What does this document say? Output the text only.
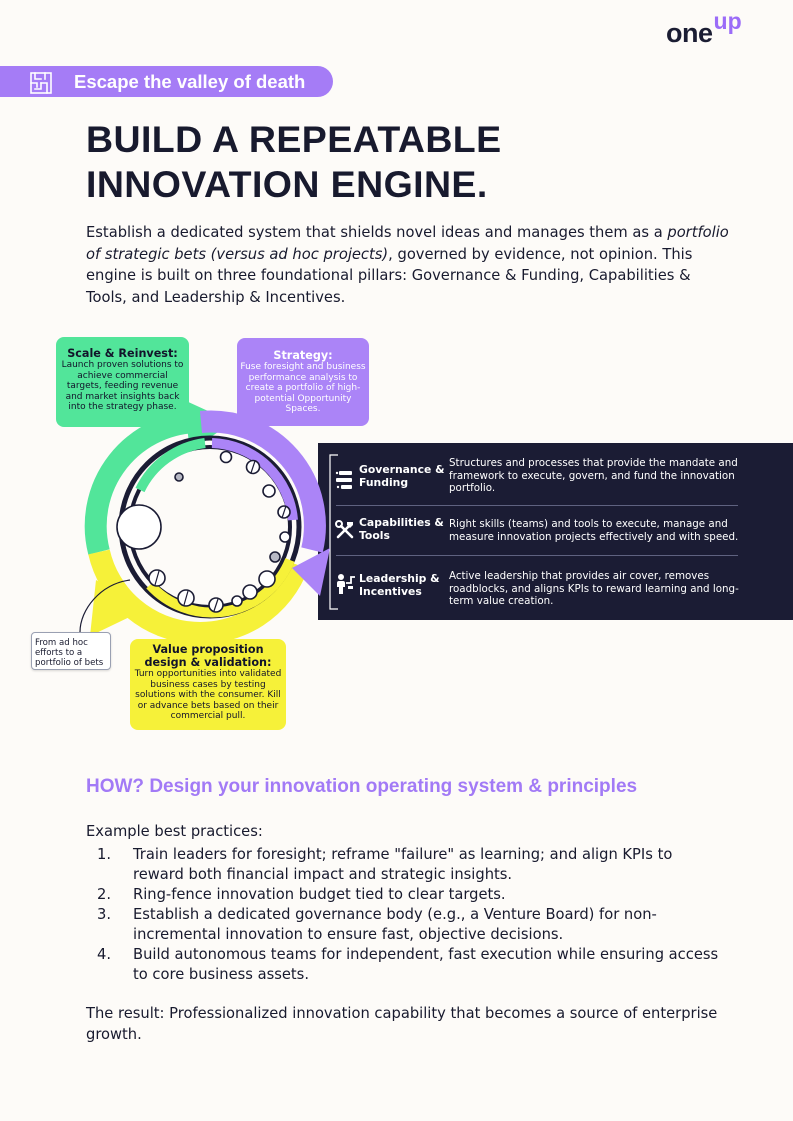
oneup
Escape the valley of death
BUILD A REPEATABLE
INNOVATION ENGINE.

Establish a dedicated system that shields novel ideas and manages them as a portfolio of strategic bets (versus ad hoc projects), governed by evidence, not opinion. This engine is built on three foundational pillars: Governance & Funding, Capabilities & Tools, and Leadership & Incentives.

Governance &
Funding
Structures and processes that provide the mandate and framework to execute, govern, and fund the innovation portfolio.
Capabilities &
Tools
Right skills (teams) and tools to execute, manage and measure innovation projects effectively and with speed.
Leadership &
Incentives
Active leadership that provides air cover, removes roadblocks, and aligns KPIs to reward learning and long-term value creation.
Scale & Reinvest:
Launch proven solutions to achieve commercial targets, feeding revenue and market insights back into the strategy phase.
Strategy:
Fuse foresight and business performance analysis to create a portfolio of high-potential Opportunity Spaces.
Value proposition design & validation:
Turn opportunities into validated business cases by testing solutions with the consumer. Kill or advance bets based on their commercial pull.
From ad hoc efforts to a portfolio of bets
HOW? Design your innovation operating system & principles
Example best practices:
1. Train leaders for foresight; reframe "failure" as learning; and align KPIs to reward both financial impact and strategic insights.
2. Ring-fence innovation budget tied to clear targets.
3. Establish a dedicated governance body (e.g., a Venture Board) for non-incremental innovation to ensure fast, objective decisions.
4. Build autonomous teams for independent, fast execution while ensuring access to core business assets.

The result: Professionalized innovation capability that becomes a source of enterprise growth.
